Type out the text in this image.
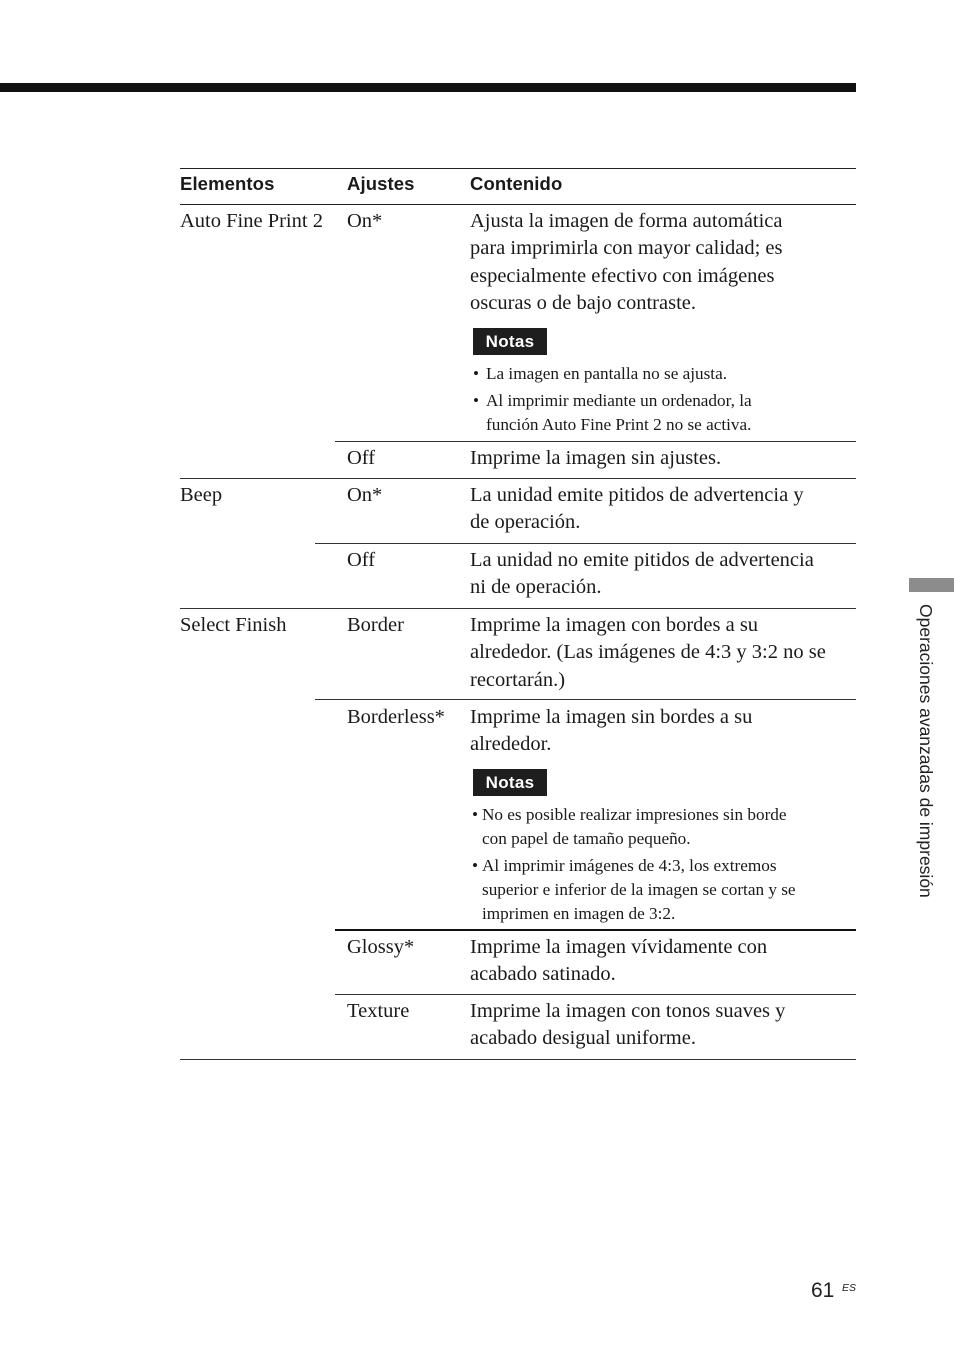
Elementos	Ajustes	Contenido
Auto Fine Print 2 On*	Ajusta la imagen de forma automática
para imprimirla con mayor calidad; es
especialmente efectivo con imágenes
oscuras o de bajo contraste.
Notas
• La imagen en pantalla no se ajusta.
• Al imprimir mediante un ordenador, la
función Auto Fine Print 2 no se activa.
Off	Imprime la imagen sin ajustes.
Beep	On*	La unidad emite pitidos de advertencia y
de operación.
Off	La unidad no emite pitidos de advertencia
ni de operación.
Select Finish	Border	Imprime la imagen con bordes a su
alrededor. (Las imágenes de 4:3 y 3:2 no se
recortarán.)
Borderless* Imprime la imagen sin bordes a su
alrededor.
Notas
• No es posible realizar impresiones sin borde
con papel de tamaño pequeño.
• Al imprimir imágenes de 4:3, los extremos
superior e inferior de la imagen se cortan y se
imprimen en imagen de 3:2.
Glossy*	Imprime la imagen vívidamente con
acabado satinado.
Texture	Imprime la imagen con tonos suaves y
acabado desigual uniforme.
Operaciones avanzadas de impresión
61 ES
